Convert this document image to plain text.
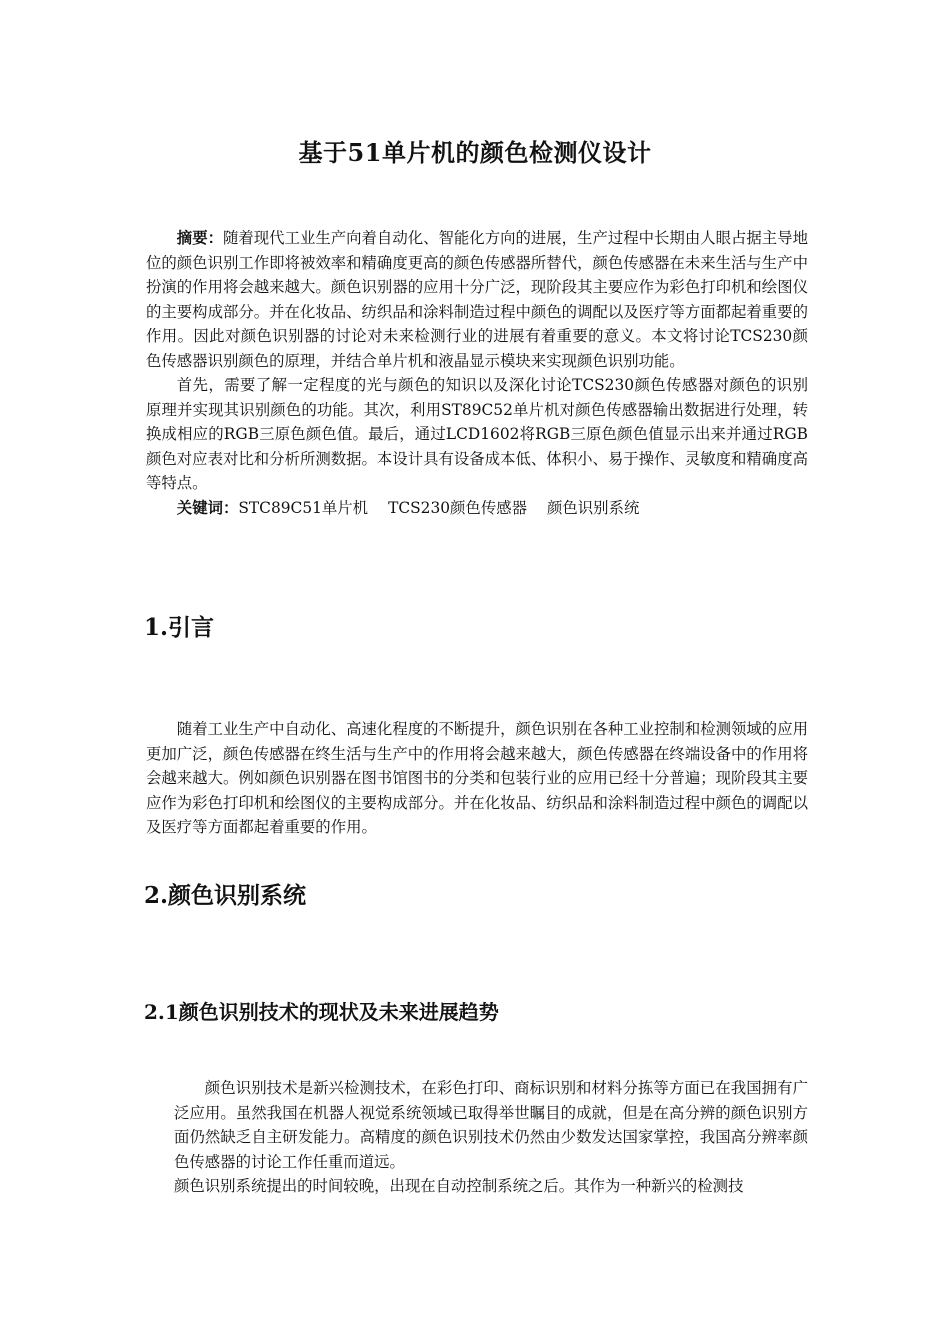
基于51单片机的颜色检测仪设计

摘要：随着现代工业生产向着自动化、智能化方向的进展，生产过程中长期由人眼占据主导地位的颜色识别工作即将被效率和精确度更高的颜色传感器所替代，颜色传感器在未来生活与生产中扮演的作用将会越来越大。颜色识别器的应用十分广泛，现阶段其主要应作为彩色打印机和绘图仪的主要构成部分。并在化妆品、纺织品和涂料制造过程中颜色的调配以及医疗等方面都起着重要的作用。因此对颜色识别器的讨论对未来检测行业的进展有着重要的意义。本文将讨论TCS230颜色传感器识别颜色的原理，并结合单片机和液晶显示模块来实现颜色识别功能。

首先，需要了解一定程度的光与颜色的知识以及深化讨论TCS230颜色传感器对颜色的识别原理并实现其识别颜色的功能。其次，利用ST89C52单片机对颜色传感器输出数据进行处理，转换成相应的RGB三原色颜色值。最后，通过LCD1602将RGB三原色颜色值显示出来并通过RGB颜色对应表对比和分析所测数据。本设计具有设备成本低、体积小、易于操作、灵敏度和精确度高等特点。

关键词：STC89C51单片机 TCS230颜色传感器 颜色识别系统

1.引言

随着工业生产中自动化、高速化程度的不断提升，颜色识别在各种工业控制和检测领域的应用更加广泛，颜色传感器在终生活与生产中的作用将会越来越大，颜色传感器在终端设备中的作用将会越来越大。例如颜色识别器在图书馆图书的分类和包装行业的应用已经十分普遍；现阶段其主要应作为彩色打印机和绘图仪的主要构成部分。并在化妆品、纺织品和涂料制造过程中颜色的调配以及医疗等方面都起着重要的作用。

2.颜色识别系统
2.1颜色识别技术的现状及未来进展趋势

颜色识别技术是新兴检测技术，在彩色打印、商标识别和材料分拣等方面已在我国拥有广泛应用。虽然我国在机器人视觉系统领域已取得举世瞩目的成就，但是在高分辨的颜色识别方面仍然缺乏自主研发能力。高精度的颜色识别技术仍然由少数发达国家掌控，我国高分辨率颜色传感器的讨论工作任重而道远。

颜色识别系统提出的时间较晚，出现在自动控制系统之后。其作为一种新兴的检测技
